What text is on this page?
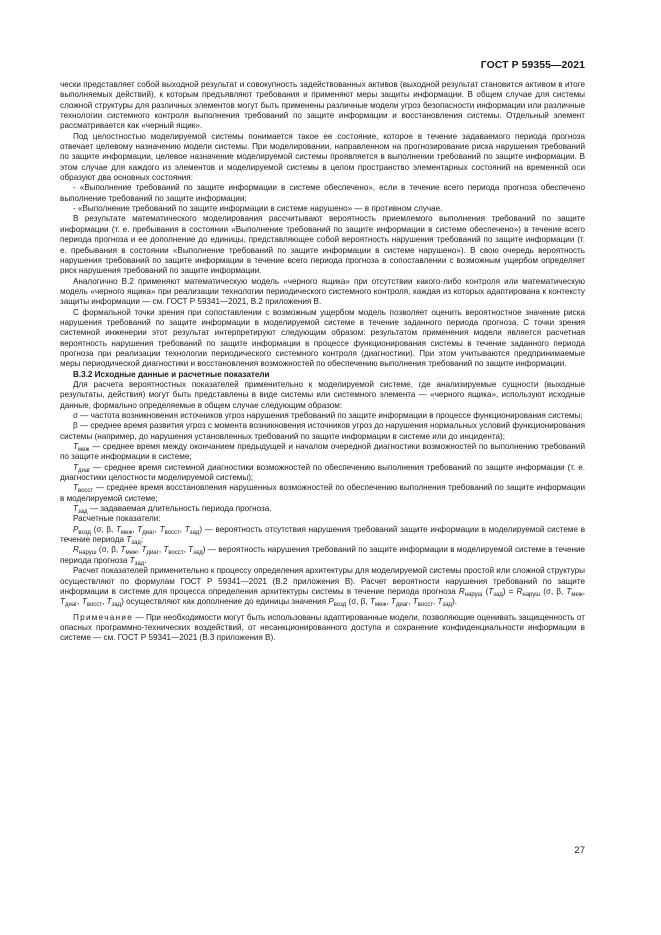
ГОСТ Р 59355—2021

чески представляет собой выходной результат и совокупность задействованных активов (выходной результат становится активом в итоге выполняемых действий), к которым предъявляют требования и применяют меры защиты информации. В общем случае для системы сложной структуры для различных элементов могут быть применены различные модели угроз безопасности информации или различные технологии системного контроля выполнения требований по защите информации и восстановления системы. Отдельный элемент рассматривается как «черный ящик».

Под целостностью моделируемой системы понимается такое ее состояние, которое в течение задаваемого периода прогноза отвечает целевому назначению модели системы. При моделировании, направленном на прогнозирование риска нарушения требований по защите информации, целевое назначение моделируемой системы проявляется в выполнении требований по защите информации. В этом случае для каждого из элементов и моделируемой системы в целом пространство элементарных состояний на временной оси образуют два основных состояния:

- «Выполнение требований по защите информации в системе обеспечено», если в течение всего периода прогноза обеспечено выполнение требований по защите информации;

- «Выполнение требований по защите информации в системе нарушено» — в противном случае.

В результате математического моделирования рассчитывают вероятность приемлемого выполнения требований по защите информации (т. е. пребывания в состоянии «Выполнение требований по защите информации в системе обеспечено») в течение всего периода прогноза и ее дополнение до единицы, представляющее собой вероятность нарушения требований по защите информации (т. е. пребывания в состоянии «Выполнение требований по защите информации в системе нарушено»). В свою очередь вероятность нарушения требований по защите информации в течение всего периода прогноза в сопоставлении с возможным ущербом определяет риск нарушения требований по защите информации.

Аналогично В.2 применяют математическую модель «черного ящика» при отсутствии какого-либо контроля или математическую модель «черного ящика» при реализации технологии периодического системного контроля, каждая из которых адаптирована к контексту защиты информации — см. ГОСТ Р 59341—2021, В.2 приложения В.

С формальной точки зрения при сопоставлении с возможным ущербом модель позволяет оценить вероятностное значение риска нарушения требований по защите информации в моделируемой системе в течение заданного периода прогноза. С точки зрения системной инженерии этот результат интерпретируют следующим образом: результатом применения модели является расчетная вероятность нарушения требований по защите информации в процессе функционирования системы в течение заданного периода прогноза при реализации технологии периодического системного контроля (диагностики). При этом учитываются предпринимаемые меры периодической диагностики и восстановления возможностей по обеспечению выполнения требований по защите информации.

В.3.2 Исходные данные и расчетные показатели

Для расчета вероятностных показателей применительно к моделируемой системе, где анализируемые сущности (выходные результаты, действия) могут быть представлены в виде системы или системного элемента — «черного ящика», используют исходные данные, формально определяемые в общем случае следующим образом:

σ — частота возникновения источников угроз нарушения требований по защите информации в процессе функционирования системы;

β — среднее время развития угроз с момента возникновения источников угроз до нарушения нормальных условий функционирования системы (например, до нарушения установленных требований по защите информации в системе или до инцидента);

$T_{меж}$ — среднее время между окончанием предыдущей и началом очередной диагностики возможностей по выполнению требований по защите информации в системе;

$T_{диаг}$ — среднее время системной диагностики возможностей по обеспечению выполнения требований по защите информации (т. е. диагностики целостности моделируемой системы);

$T_{восст}$ — среднее время восстановления нарушенных возможностей по обеспечению выполнения требований по защите информации в моделируемой системе;

$T_{зад}$ — задаваемая длительность периода прогноза.

Расчетные показатели:

$P_{возд}$ (σ, β, $T_{меж}$, $T_{диаг}$, $T_{восст}$, $T_{зад}$) — вероятность отсутствия нарушения требований защите информации в моделируемой системе в течение периода $T_{зад}$;

$R_{наруш}$ (σ, β, $T_{меж}$, $T_{диаг}$, $T_{восст}$, $T_{зад}$) — вероятность нарушения требований по защите информации в моделируемой системе в течение периода прогноза $T_{зад}$.

Расчет показателей применительно к процессу определения архитектуры для моделируемой системы простой или сложной структуры осуществляют по формулам ГОСТ Р 59341—2021 (В.2 приложения В). Расчет вероятности нарушения требований по защите информации в системе для процесса определения архитектуры системы в течение периода прогноза $R_{наруш}$ $(T_{зад}) = R_{наруш}$ (σ, β, $T_{меж}$, $T_{диаг}$, $T_{восст}$, $T_{зад}$) осуществляют как дополнение до единицы значения $P_{возд}$ (σ, β, $T_{меж}$, $T_{диаг}$, $T_{восст}$, $T_{зад}$).

Примечание — При необходимости могут быть использованы адаптированные модели, позволяющие оценивать защищенность от опасных программно-технических воздействий, от несанкционированного доступа и сохранение конфиденциальности информации в системе — см. ГОСТ Р 59341—2021 (В.3 приложения В).

27
